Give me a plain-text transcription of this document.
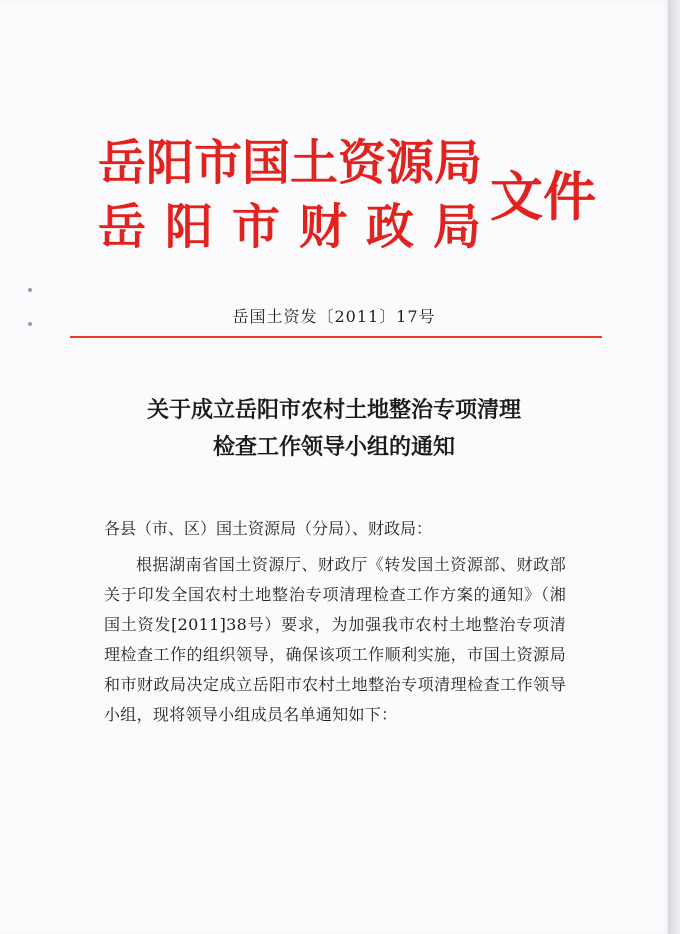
岳阳市国土资源局
岳阳市财政局
文件
岳国土资发〔2011〕17号
关于成立岳阳市农村土地整治专项清理
检查工作领导小组的通知

各县（市、区）国土资源局（分局）、财政局：

根据湖南省国土资源厅、财政厅《转发国土资源部、财政部关于印发全国农村土地整治专项清理检查工作方案的通知》（湘国土资发[2011]38号）要求，为加强我市农村土地整治专项清理检查工作的组织领导，确保该项工作顺利实施，市国土资源局和市财政局决定成立岳阳市农村土地整治专项清理检查工作领导小组，现将领导小组成员名单通知如下：
